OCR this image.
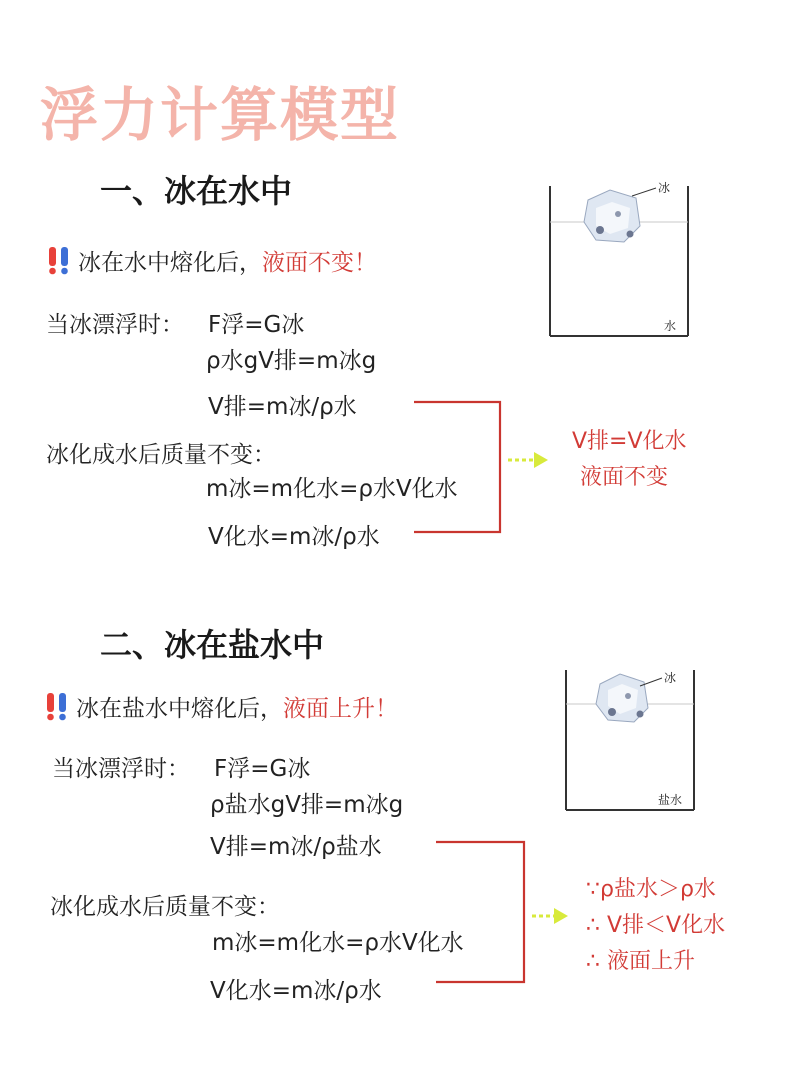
浮力计算模型
一、冰在水中
冰在水中熔化后，液面不变！
当冰漂浮时： F浮=G冰
ρ水gV排=m冰g
V排=m冰/ρ水
冰化成水后质量不变：
m冰=m化水=ρ水V化水
V化水=m冰/ρ水
V排=V化水
液面不变
冰
水
二、冰在盐水中
冰在盐水中熔化后，液面上升！
当冰漂浮时： F浮=G冰
ρ盐水gV排=m冰g
V排=m冰/ρ盐水
冰化成水后质量不变：
m冰=m化水=ρ水V化水
V化水=m冰/ρ水
∵ρ盐水＞ρ水
∴ V排＜V化水
∴ 液面上升
冰
盐水
